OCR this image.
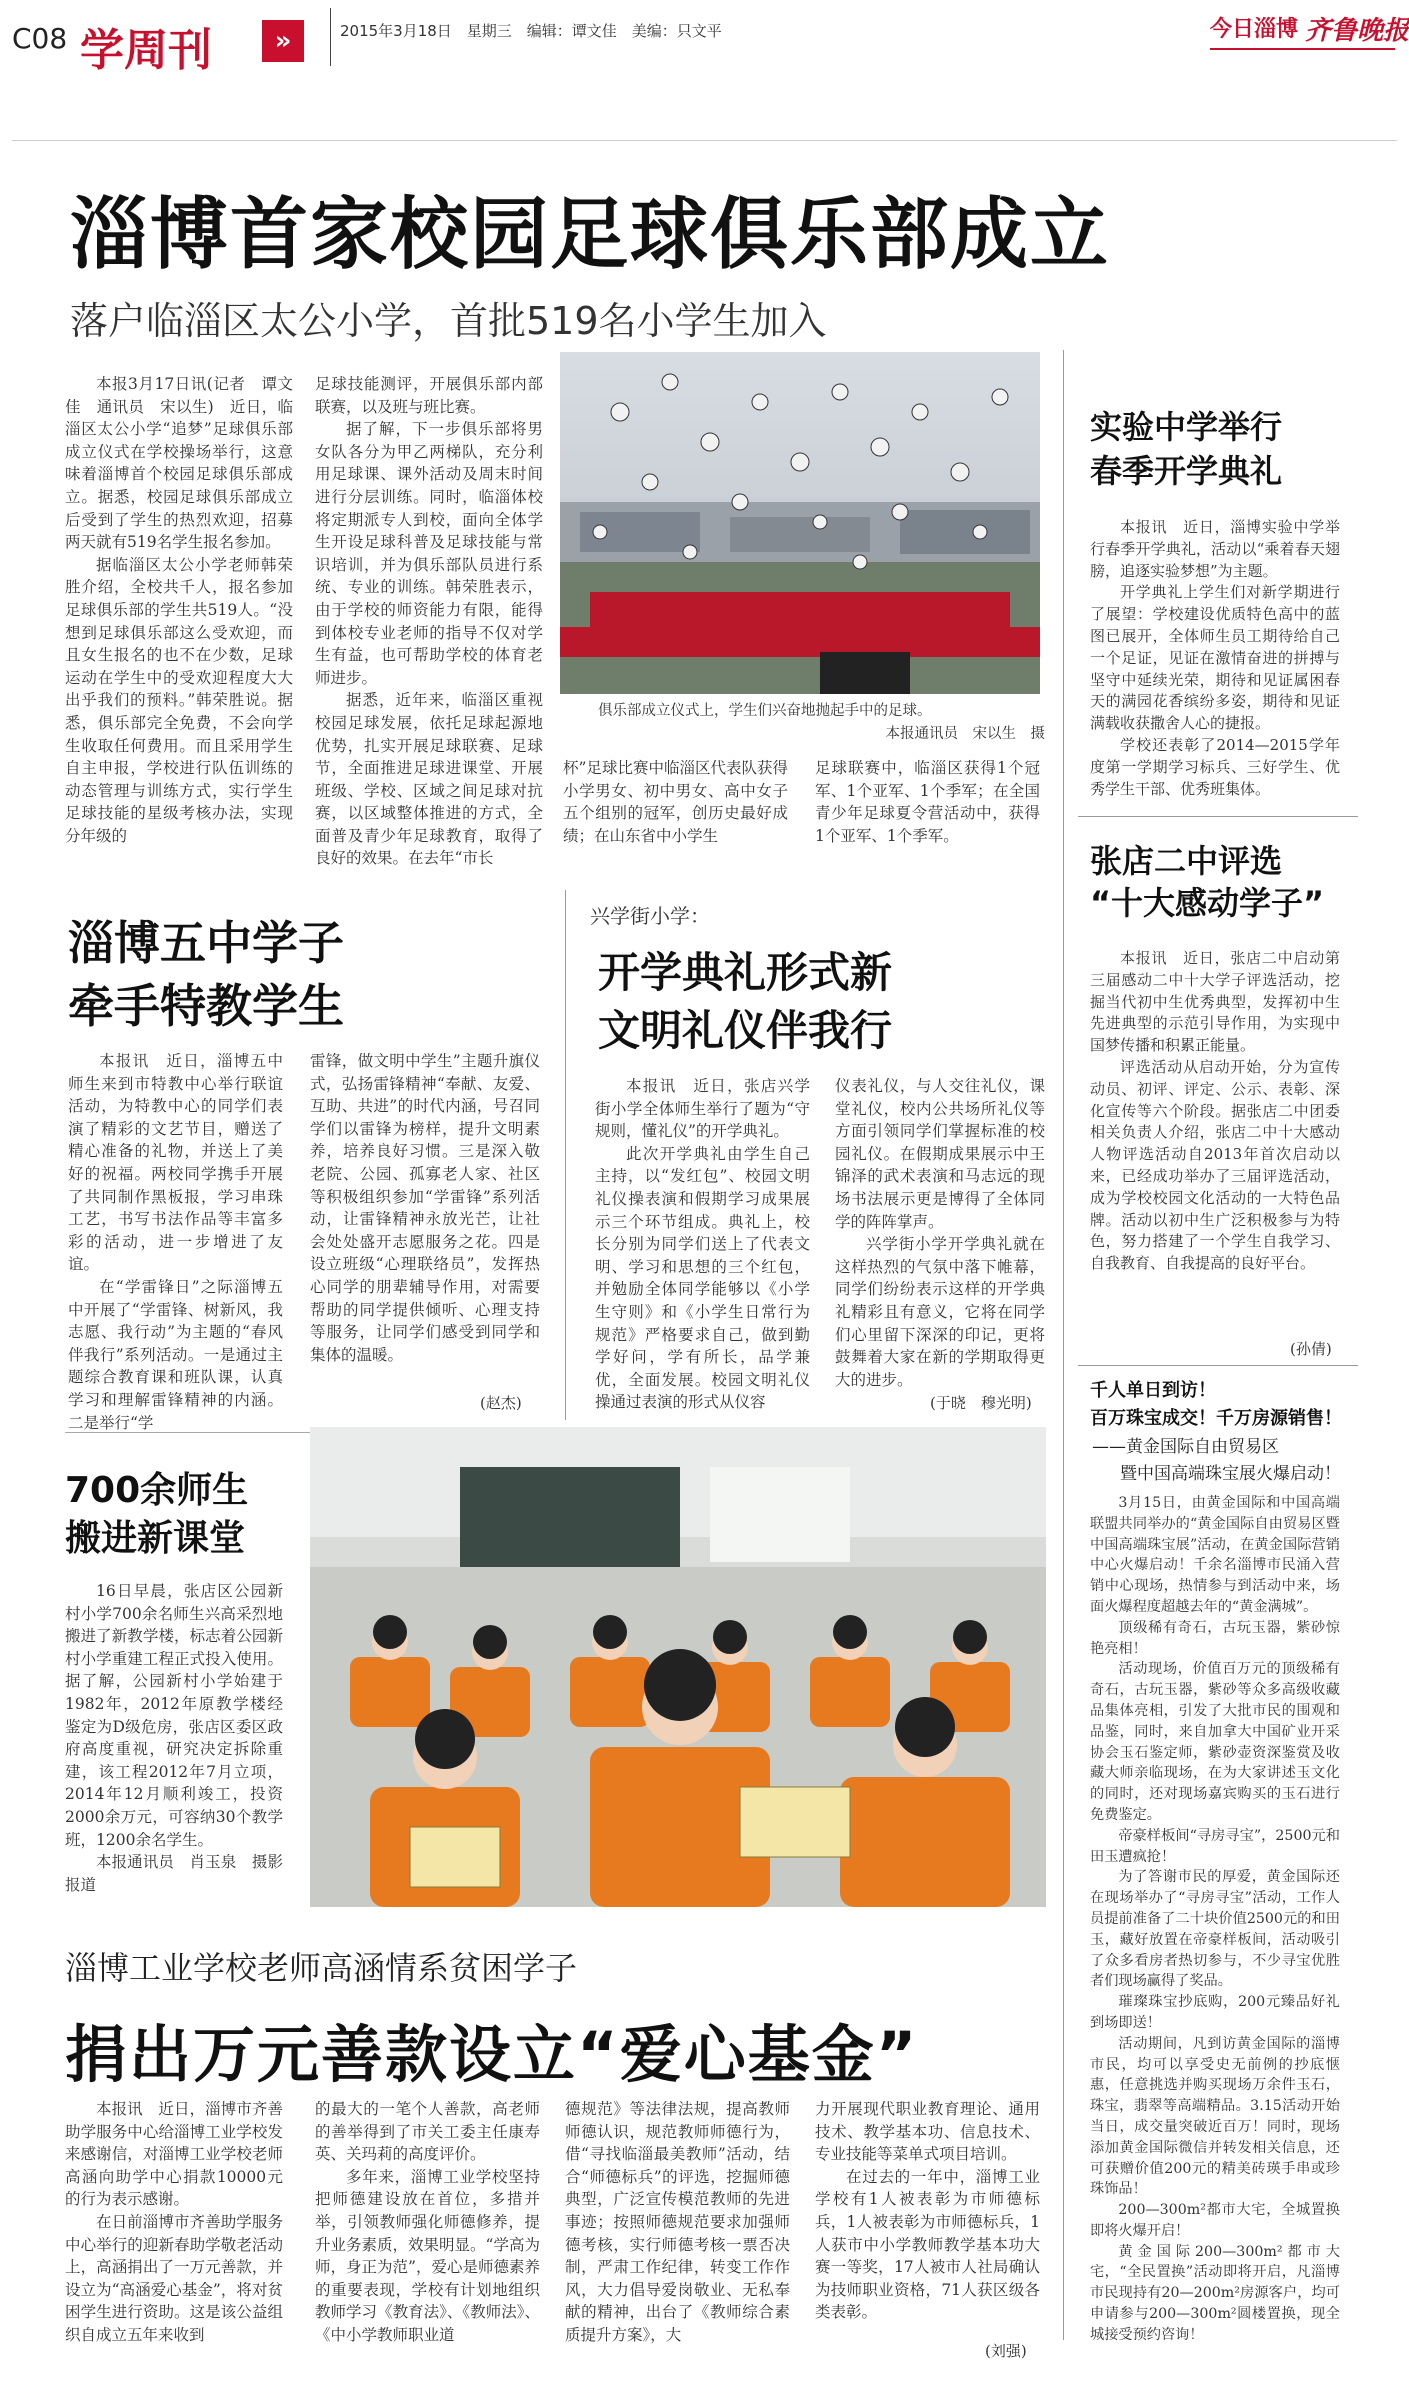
C08 学周刊	»	2015年3月18日　星期三　编辑：谭文佳　美编：只文平	今日淄博 齐鲁晚报
淄博首家校园足球俱乐部成立
落户临淄区太公小学，首批519名小学生加入

本报3月17日讯(记者　谭文佳　通讯员　宋以生)　近日，临淄区太公小学“追梦”足球俱乐部成立仪式在学校操场举行，这意味着淄博首个校园足球俱乐部成立。据悉，校园足球俱乐部成立后受到了学生的热烈欢迎，招募两天就有519名学生报名参加。

据临淄区太公小学老师韩荣胜介绍，全校共千人，报名参加足球俱乐部的学生共519人。“没想到足球俱乐部这么受欢迎，而且女生报名的也不在少数，足球运动在学生中的受欢迎程度大大出乎我们的预料。”韩荣胜说。据悉，俱乐部完全免费，不会向学生收取任何费用。而且采用学生自主申报，学校进行队伍训练的动态管理与训练方式，实行学生足球技能的星级考核办法，实现分年级的

足球技能测评，开展俱乐部内部联赛，以及班与班比赛。

据了解，下一步俱乐部将男女队各分为甲乙两梯队，充分利用足球课、课外活动及周末时间进行分层训练。同时，临淄体校将定期派专人到校，面向全体学生开设足球科普及足球技能与常识培训，并为俱乐部队员进行系统、专业的训练。韩荣胜表示，由于学校的师资能力有限，能得到体校专业老师的指导不仅对学生有益，也可帮助学校的体育老师进步。

据悉，近年来，临淄区重视校园足球发展，依托足球起源地优势，扎实开展足球联赛、足球节，全面推进足球进课堂、开展班级、学校、区域之间足球对抗赛，以区域整体推进的方式，全面普及青少年足球教育，取得了良好的效果。在去年“市长

俱乐部成立仪式上，学生们兴奋地抛起手中的足球。
本报通讯员　宋以生　摄

杯”足球比赛中临淄区代表队获得小学男女、初中男女、高中女子五个组别的冠军，创历史最好成绩；在山东省中小学生

足球联赛中，临淄区获得1个冠军、1个亚军、1个季军；在全国青少年足球夏令营活动中，获得1个亚军、1个季军。

实验中学举行
春季开学典礼

本报讯　近日，淄博实验中学举行春季开学典礼，活动以“乘着春天翅膀，追逐实验梦想”为主题。

开学典礼上学生们对新学期进行了展望：学校建设优质特色高中的蓝图已展开，全体师生员工期待给自己一个足证，见证在激情奋进的拼搏与坚守中延续光荣，期待和见证属困春天的满园花香缤纷多姿，期待和见证满载收获撒舍人心的捷报。

学校还表彰了2014—2015学年度第一学期学习标兵、三好学生、优秀学生干部、优秀班集体。

张店二中评选
“十大感动学子”

本报讯　近日，张店二中启动第三届感动二中十大学子评选活动，挖掘当代初中生优秀典型，发挥初中生先进典型的示范引导作用，为实现中国梦传播和积累正能量。

评选活动从启动开始，分为宣传动员、初评、评定、公示、表彰、深化宣传等六个阶段。据张店二中团委相关负责人介绍，张店二中十大感动人物评选活动自2013年首次启动以来，已经成功举办了三届评选活动，成为学校校园文化活动的一大特色品牌。活动以初中生广泛积极参与为特色，努力搭建了一个学生自我学习、自我教育、自我提高的良好平台。

(孙倩)
千人单日到访！
百万珠宝成交！千万房源销售！
——黄金国际自由贸易区
暨中国高端珠宝展火爆启动！

3月15日，由黄金国际和中国高端联盟共同举办的“黄金国际自由贸易区暨中国高端珠宝展”活动，在黄金国际营销中心火爆启动！千余名淄博市民涌入营销中心现场，热情参与到活动中来，场面火爆程度超越去年的“黄金满城”。

顶级稀有奇石，古玩玉器，紫砂惊艳亮相！

活动现场，价值百万元的顶级稀有奇石，古玩玉器，紫砂等众多高级收藏品集体亮相，引发了大批市民的围观和品鉴，同时，来自加拿大中国矿业开采协会玉石鉴定师，紫砂壶资深鉴赏及收藏大师亲临现场，在为大家讲述玉文化的同时，还对现场嘉宾购买的玉石进行免费鉴定。

帝豪样板间“寻房寻宝”，2500元和田玉遭疯抢！

为了答谢市民的厚爱，黄金国际还在现场举办了“寻房寻宝”活动，工作人员提前准备了二十块价值2500元的和田玉，藏好放置在帝豪样板间，活动吸引了众多看房者热切参与，不少寻宝优胜者们现场赢得了奖品。

璀璨珠宝抄底购，200元臻品好礼到场即送！

活动期间，凡到访黄金国际的淄博市民，均可以享受史无前例的抄底惬惠，任意挑选并购买现场万余件玉石，珠宝，翡翠等高端精品。3.15活动开始当日，成交量突破近百万！同时，现场添加黄金国际微信并转发相关信息，还可获赠价值200元的精美砖瑛手串或珍珠饰品！

200—300m²都市大宅，全城置换即将火爆开启！

黄金国际200—300m²都市大宅，“全民置换”活动即将开启，凡淄博市民现持有20—200m²房源客户，均可申请参与200—300m²圆楼置换，现全城接受预约咨询！

淄博五中学子
牵手特教学生

本报讯　近日，淄博五中师生来到市特教中心举行联谊活动，为特教中心的同学们表演了精彩的文艺节目，赠送了精心准备的礼物，并送上了美好的祝福。两校同学携手开展了共同制作黑板报，学习串珠工艺，书写书法作品等丰富多彩的活动，进一步增进了友谊。

在“学雷锋日”之际淄博五中开展了“学雷锋、树新风，我志愿、我行动”为主题的“春风伴我行”系列活动。一是通过主题综合教育课和班队课，认真学习和理解雷锋精神的内涵。二是举行“学

雷锋，做文明中学生”主题升旗仪式，弘扬雷锋精神“奉献、友爱、互助、共进”的时代内涵，号召同学们以雷锋为榜样，提升文明素养，培养良好习惯。三是深入敬老院、公园、孤寡老人家、社区等积极组织参加“学雷锋”系列活动，让雷锋精神永放光芒，让社会处处盛开志愿服务之花。四是设立班级“心理联络员”，发挥热心同学的朋辈辅导作用，对需要帮助的同学提供倾听、心理支持等服务，让同学们感受到同学和集体的温暖。

(赵杰)
兴学街小学：
开学典礼形式新
文明礼仪伴我行

本报讯　近日，张店兴学街小学全体师生举行了题为“守规则，懂礼仪”的开学典礼。

此次开学典礼由学生自己主持，以“发红包”、校园文明礼仪操表演和假期学习成果展示三个环节组成。典礼上，校长分别为同学们送上了代表文明、学习和思想的三个红包，并勉励全体同学能够以《小学生守则》和《小学生日常行为规范》严格要求自己，做到勤学好问，学有所长，品学兼优，全面发展。校园文明礼仪操通过表演的形式从仪容

仪表礼仪，与人交往礼仪，课堂礼仪，校内公共场所礼仪等方面引领同学们掌握标准的校园礼仪。在假期成果展示中王锦泽的武术表演和马志远的现场书法展示更是博得了全体同学的阵阵掌声。

兴学街小学开学典礼就在这样热烈的气氛中落下帷幕，同学们纷纷表示这样的开学典礼精彩且有意义，它将在同学们心里留下深深的印记，更将鼓舞着大家在新的学期取得更大的进步。

(于晓　穆光明)
700余师生
搬进新课堂

16日早晨，张店区公园新村小学700余名师生兴高采烈地搬进了新教学楼，标志着公园新村小学重建工程正式投入使用。据了解，公园新村小学始建于1982年，2012年原教学楼经鉴定为D级危房，张店区委区政府高度重视，研究决定拆除重建，该工程2012年7月立项，2014年12月顺利竣工，投资2000余万元，可容纳30个教学班，1200余名学生。

本报通讯员　肖玉泉　摄影报道

淄博工业学校老师高涵情系贫困学子
捐出万元善款设立“爱心基金”

本报讯　近日，淄博市齐善助学服务中心给淄博工业学校发来感谢信，对淄博工业学校老师高涵向助学中心捐款10000元的行为表示感谢。

在日前淄博市齐善助学服务中心举行的迎新春助学敬老活动上，高涵捐出了一万元善款，并设立为“高涵爱心基金”，将对贫困学生进行资助。这是该公益组织自成立五年来收到

的最大的一笔个人善款，高老师的善举得到了市关工委主任康寿英、关玛莉的高度评价。

多年来，淄博工业学校坚持把师德建设放在首位，多措并举，引领教师强化师德修养，提升业务素质，效果明显。“学高为师，身正为范”，爱心是师德素养的重要表现，学校有计划地组织教师学习《教育法》、《教师法》、《中小学教师职业道

德规范》等法律法规，提高教师师德认识，规范教师师德行为，借“寻找临淄最美教师”活动，结合“师德标兵”的评选，挖掘师德典型，广泛宣传模范教师的先进事迹；按照师德规范要求加强师德考核，实行师德考核一票否决制，严肃工作纪律，转变工作作风，大力倡导爱岗敬业、无私奉献的精神，出台了《教师综合素质提升方案》，大

力开展现代职业教育理论、通用技术、教学基本功、信息技术、专业技能等菜单式项目培训。

在过去的一年中，淄博工业学校有1人被表彰为市师德标兵，1人被表彰为市师德标兵，1人获市中小学教师教学基本功大赛一等奖，17人被市人社局确认为技师职业资格，71人获区级各类表彰。

(刘强)
